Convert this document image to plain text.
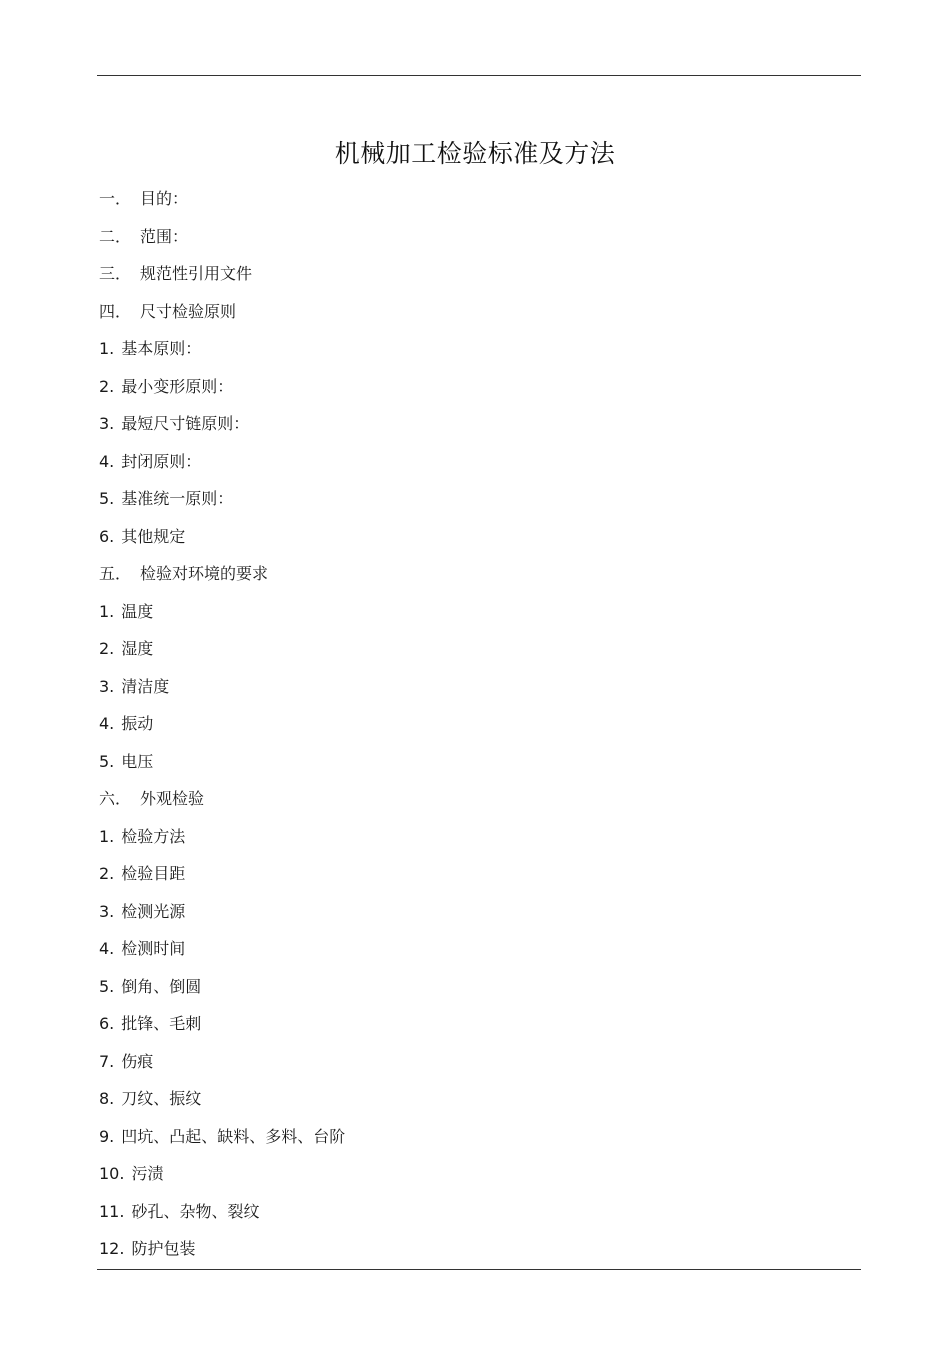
机械加工检验标准及方法
一． 目的：
二． 范围：
三． 规范性引用文件
四． 尺寸检验原则
1. 基本原则：
2. 最小变形原则：
3. 最短尺寸链原则：
4. 封闭原则：
5. 基准统一原则：
6. 其他规定
五． 检验对环境的要求
1. 温度
2. 湿度
3. 清洁度
4. 振动
5. 电压
六． 外观检验
1. 检验方法
2. 检验目距
3. 检测光源
4. 检测时间
5. 倒角、倒圆
6. 批锋、毛刺
7. 伤痕
8. 刀纹、振纹
9. 凹坑、凸起、缺料、多料、台阶
10. 污渍
11. 砂孔、杂物、裂纹
12. 防护包装
